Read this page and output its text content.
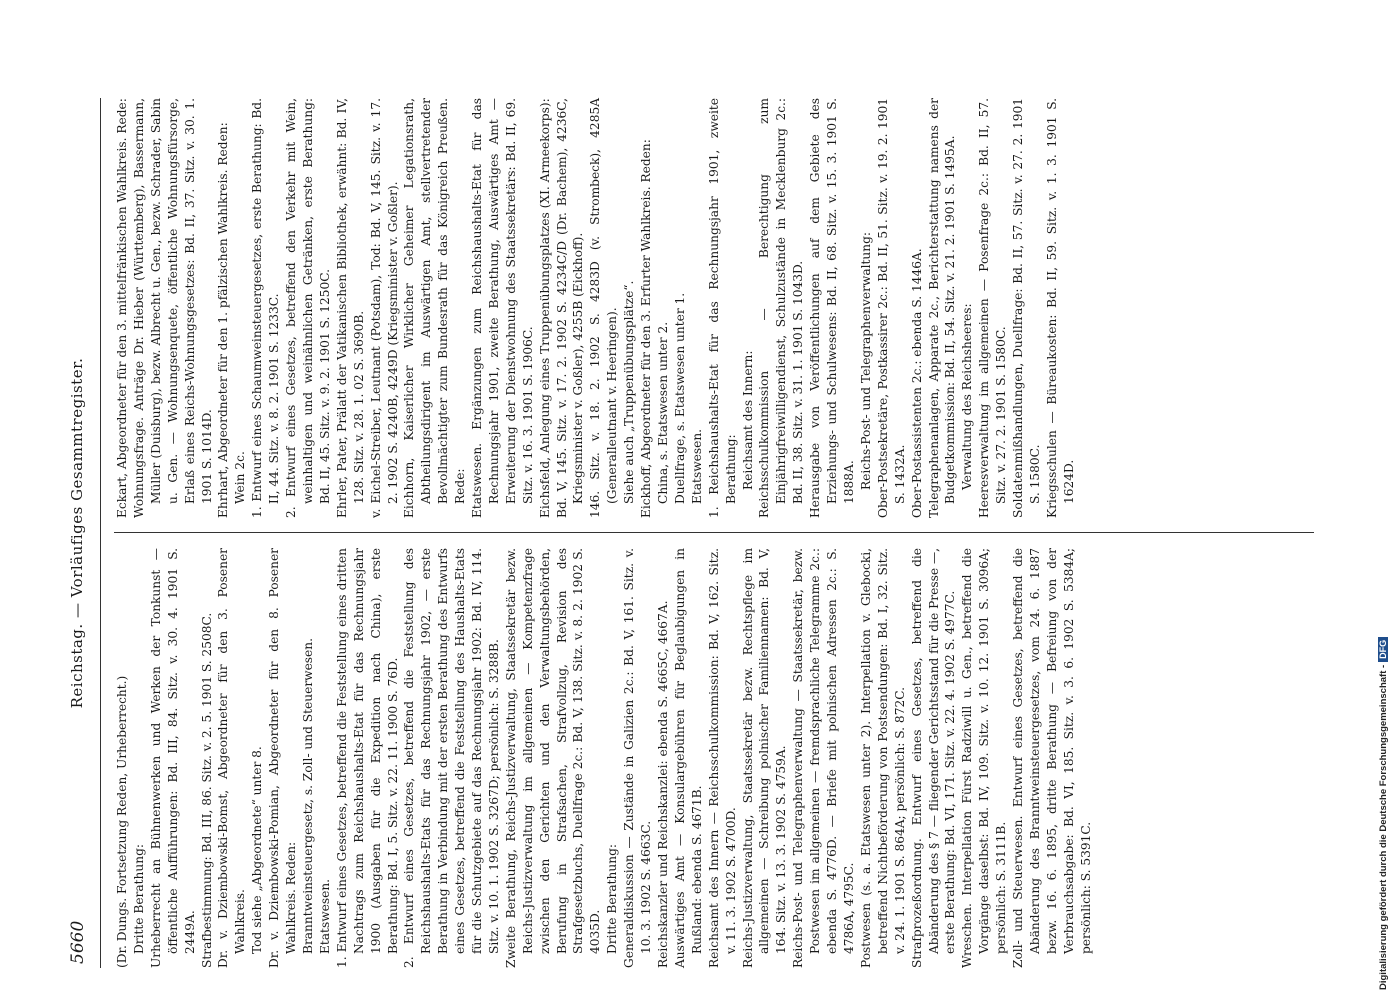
5660
Reichstag. — Vorläufiges Gesammtregister.

(Dr. Dungs. Fortsetzung Reden, Urheberrecht.) Dritte Berathung: Urheberrecht an Bühnenwerken und Werken der Tonkunst — öffentliche Aufführungen: Bd. III, 84. Sitz. v. 30. 4. 1901 S. 2449A. Strafbestimmung: Bd. III, 86. Sitz. v. 2. 5. 1901 S. 2508C. Dr. v. Dziembowski-Bomst, Abgeordneter für den 3. Posener Wahlkreis. Tod siehe „Abgeordnete“ unter 8. Dr. v. Dziembowski-Pomian, Abgeordneter für den 8. Posener Wahlkreis. Reden: Branntweinsteuergesetz, s. Zoll- und Steuerwesen. Etatswesen. 1. Entwurf eines Gesetzes, betreffend die Feststellung eines dritten Nachtrags zum Reichshaushalts-Etat für das Rechnungsjahr 1900 (Ausgaben für die Expedition nach China), erste Berathung: Bd. I, 5. Sitz. v. 22. 11. 1900 S. 76D. 2. Entwurf eines Gesetzes, betreffend die Feststellung des Reichshaushalts-Etats für das Rechnungsjahr 1902, — erste Berathung in Verbindung mit der ersten Berathung des Entwurfs eines Gesetzes, betreffend die Feststellung des Haushalts-Etats für die Schutzgebiete auf das Rechnungsjahr 1902: Bd. IV, 114. Sitz. v. 10. 1. 1902 S. 3267D; persönlich: S. 3288B. Zweite Berathung, Reichs-Justizverwaltung, Staatssekretär bezw. Reichs-Justizverwaltung im allgemeinen — Kompetenzfrage zwischen den Gerichten und den Verwaltungsbehörden, Berufung in Strafsachen, Strafvollzug, Revision des Strafgesetzbuchs, Duellfrage 2c.: Bd. V, 138. Sitz. v. 8. 2. 1902 S. 4035D. Dritte Berathung: Generaldiskussion — Zustände in Galizien 2c.: Bd. V, 161. Sitz. v. 10. 3. 1902 S. 4663C. Reichskanzler und Reichskanzlei: ebenda S. 4665C, 4667A. Auswärtiges Amt — Konsulargebühren für Beglaubigungen in Rußland: ebenda S. 4671B. Reichsamt des Innern — Reichsschulkommission: Bd. V, 162. Sitz. v. 11. 3. 1902 S. 4700D. Reichs-Justizverwaltung, Staatssekretär bezw. Rechtspflege im allgemeinen — Schreibung polnischer Familiennamen: Bd. V, 164. Sitz. v. 13. 3. 1902 S. 4759A. Reichs-Post- und Telegraphenverwaltung — Staatssekretär, bezw. Postwesen im allgemeinen — fremdsprachliche Telegramme 2c.: ebenda S. 4776D. — Briefe mit polnischen Adressen 2c.: S. 4786A, 4795C. Postwesen (s. a. Etatswesen unter 2). Interpellation v. Glebocki, betreffend Nichtbeförderung von Postsendungen: Bd. I, 32. Sitz. v. 24. 1. 1901 S. 864A; persönlich: S. 872C. Strafprozeßordnung. Entwurf eines Gesetzes, betreffend die Abänderung des § 7 — fliegender Gerichtsstand für die Presse —, erste Berathung: Bd. VI, 171. Sitz. v. 22. 4. 1902 S. 4977C. Wreschen. Interpellation Fürst Radziwill u. Gen., betreffend die Vorgänge daselbst: Bd. IV, 109. Sitz. v. 10. 12. 1901 S. 3096A; persönlich: S. 3111B. Zoll- und Steuerwesen. Entwurf eines Gesetzes, betreffend die Abänderung des Branntweinsteuergesetzes, vom 24. 6. 1887 bezw. 16. 6. 1895, dritte Berathung — Befreiung von der Verbrauchsabgabe: Bd. VI, 185. Sitz. v. 3. 6. 1902 S. 5384A; persönlich: S. 5391C.

Eckart, Abgeordneter für den 3. mittelfränkischen Wahlkreis. Rede: Wohnungsfrage. Anträge Dr. Hieber (Württemberg), Bassermann, Müller (Duisburg), bezw. Albrecht u. Gen., bezw. Schrader, Sabin u. Gen. — Wohnungsenquete, öffentliche Wohnungsfürsorge, Erlaß eines Reichs-Wohnungsgesetzes: Bd. II, 37. Sitz. v. 30. 1. 1901 S. 1014D. Ehrhart, Abgeordneter für den 1. pfälzischen Wahlkreis. Reden: Wein 2c. 1. Entwurf eines Schaumweinsteuergesetzes, erste Berathung: Bd. II, 44. Sitz. v. 8. 2. 1901 S. 1233C. 2. Entwurf eines Gesetzes, betreffend den Verkehr mit Wein, weinhaltigen und weinähnlichen Getränken, erste Berathung: Bd. II, 45. Sitz. v. 9. 2. 1901 S. 1250C. Ehrler, Pater, Prälatt der Vatikanischen Bibliothek, erwähnt: Bd. IV, 128. Sitz. v. 28. 1. 02 S. 3690B. v. Eichel-Streiber, Leutnant (Potsdam), Tod: Bd. V, 145. Sitz. v. 17. 2. 1902 S. 4240B, 4249D (Kriegsminister v. Goßler). Eichhorn, Kaiserlicher Wirklicher Geheimer Legationsrath, Abtheilungsdirigent im Auswärtigen Amt, stellvertretender Bevollmächtigter zum Bundesrath für das Königreich Preußen. Rede: Etatswesen. Ergänzungen zum Reichshaushalts-Etat für das Rechnungsjahr 1901, zweite Berathung, Auswärtiges Amt — Erweiterung der Dienstwohnung des Staatssekretärs: Bd. II, 69. Sitz. v. 16. 3. 1901 S. 1906C. Eichsfeld, Anlegung eines Truppenübungsplatzes (XI. Armeekorps): Bd. V, 145. Sitz. v. 17. 2. 1902 S. 4234C/D (Dr. Bachem), 4236C, Kriegsminister v. Goßler), 4255B (Eickhoff). 146. Sitz. v. 18. 2. 1902 S. 4283D (v. Strombeck), 4285A (Generalleutnant v. Heeringen). Siehe auch „Truppenübungsplätze“. Eickhoff, Abgeordneter für den 3. Erfurter Wahlkreis. Reden: China, s. Etatswesen unter 2. Duellfrage, s. Etatswesen unter 1. Etatswesen. 1. Reichshaushalts-Etat für das Rechnungsjahr 1901, zweite Berathung: Reichsamt des Innern: Reichsschulkommission — Berechtigung zum Einjährigfreiwilligendienst, Schulzustände in Mecklenburg 2c.: Bd. II, 38. Sitz. v. 31. 1. 1901 S. 1043D. Herausgabe von Veröffentlichungen auf dem Gebiete des Erziehungs- und Schulwesens: Bd. II, 68. Sitz. v. 15. 3. 1901 S. 1888A. Reichs-Post- und Telegraphenverwaltung: Ober-Postsekretäre, Postkassirer 2c.: Bd. II, 51. Sitz. v. 19. 2. 1901 S. 1432A. Ober-Postassistenten 2c.: ebenda S. 1446A. Telegraphenanlagen, Apparate 2c., Berichterstattung namens der Budgetkommission: Bd. II, 54. Sitz. v. 21. 2. 1901 S. 1495A. Verwaltung des Reichsheeres: Heeresverwaltung im allgemeinen — Posenfrage 2c.: Bd. II, 57. Sitz. v. 27. 2. 1901 S. 1580C. Soldatenmißhandlungen, Duellfrage: Bd. II, 57. Sitz. v. 27. 2. 1901 S. 1580C. Kriegsschulen — Büreaukosten: Bd. II, 59. Sitz. v. 1. 3. 1901 S. 1624D.

Digitalisierung gefördert durch die Deutsche Forschungsgemeinschaft -DFG
